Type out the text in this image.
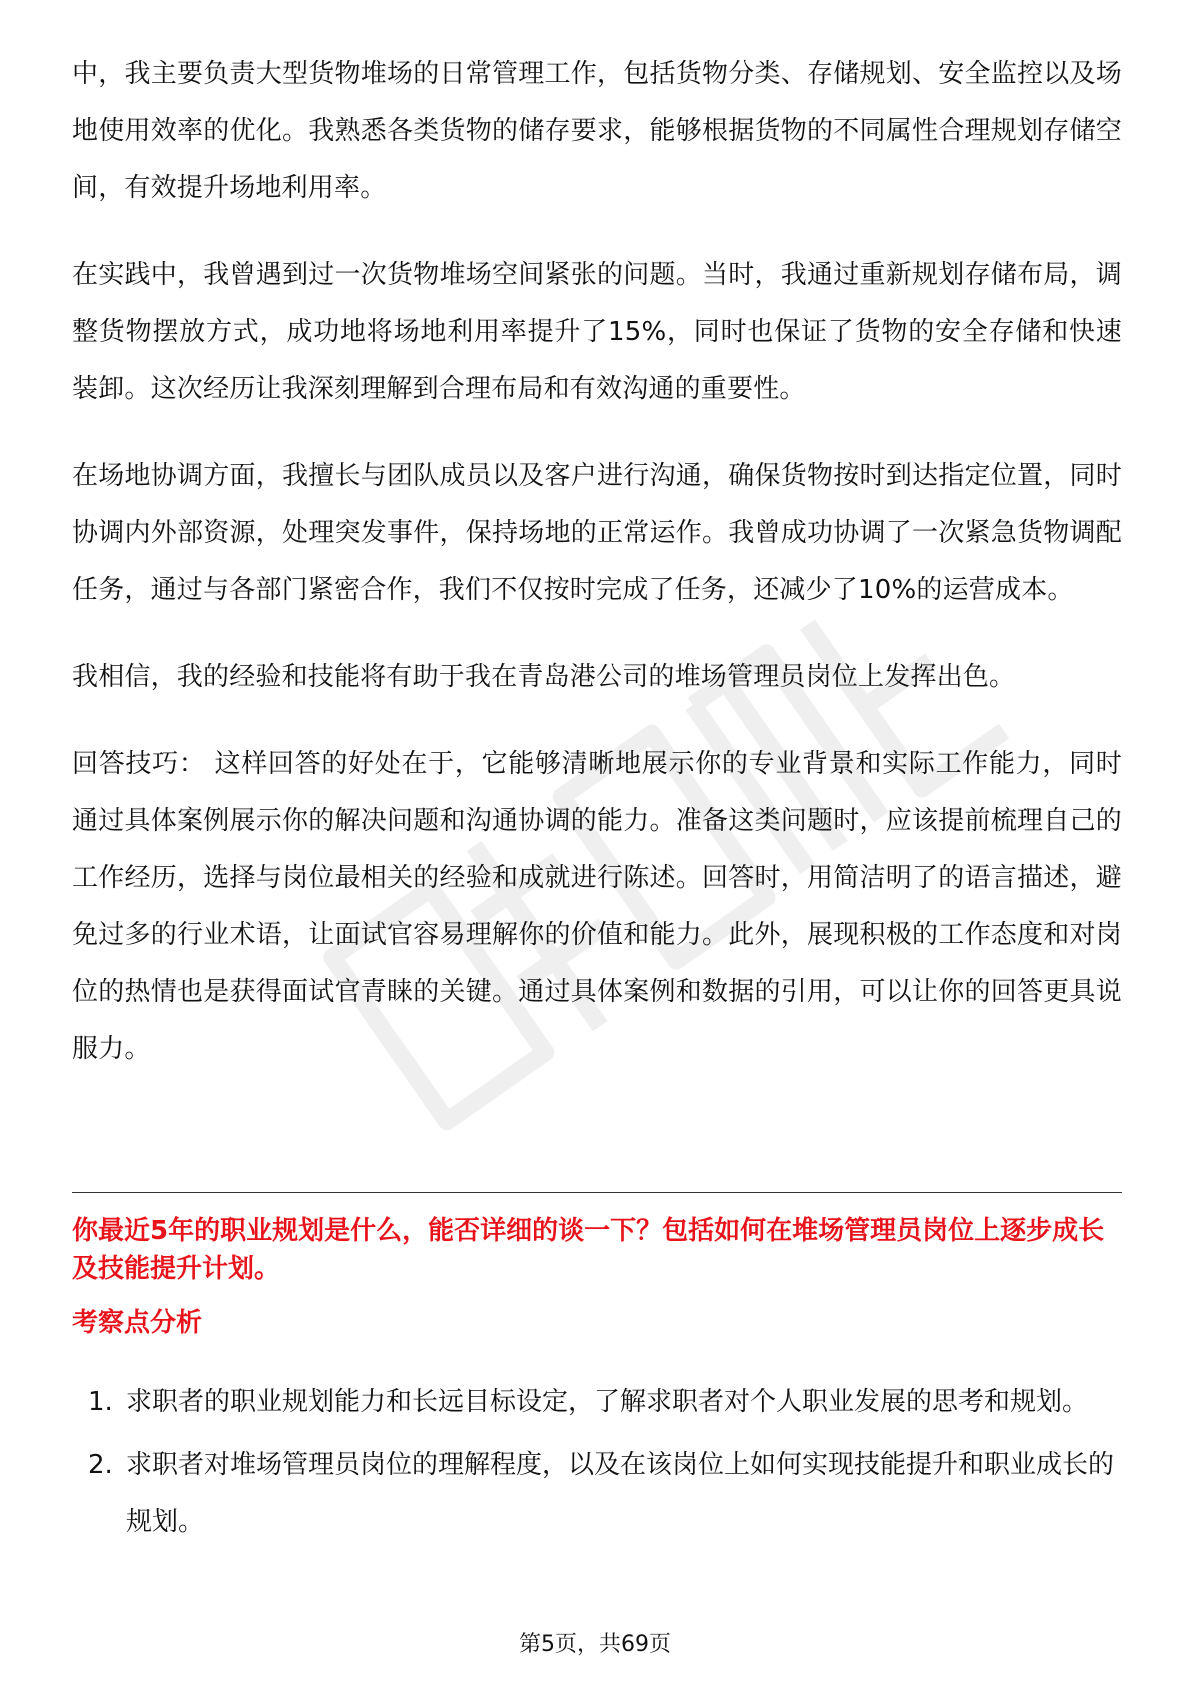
中，我主要负责大型货物堆场的日常管理工作，包括货物分类、存储规划、安全监控以及场地使用效率的优化。我熟悉各类货物的储存要求，能够根据货物的不同属性合理规划存储空间，有效提升场地利用率。

在实践中，我曾遇到过一次货物堆场空间紧张的问题。当时，我通过重新规划存储布局，调整货物摆放方式，成功地将场地利用率提升了15%，同时也保证了货物的安全存储和快速装卸。这次经历让我深刻理解到合理布局和有效沟通的重要性。

在场地协调方面，我擅长与团队成员以及客户进行沟通，确保货物按时到达指定位置，同时协调内外部资源，处理突发事件，保持场地的正常运作。我曾成功协调了一次紧急货物调配任务，通过与各部门紧密合作，我们不仅按时完成了任务，还减少了10%的运营成本。

我相信，我的经验和技能将有助于我在青岛港公司的堆场管理员岗位上发挥出色。

回答技巧： 这样回答的好处在于，它能够清晰地展示你的专业背景和实际工作能力，同时通过具体案例展示你的解决问题和沟通协调的能力。准备这类问题时，应该提前梳理自己的工作经历，选择与岗位最相关的经验和成就进行陈述。回答时，用简洁明了的语言描述，避免过多的行业术语，让面试官容易理解你的价值和能力。此外，展现积极的工作态度和对岗位的热情也是获得面试官青睐的关键。通过具体案例和数据的引用，可以让你的回答更具说服力。

你最近5年的职业规划是什么，能否详细的谈一下？包括如何在堆场管理员岗位上逐步成长及技能提升计划。

考察点分析

1. 求职者的职业规划能力和长远目标设定，了解求职者对个人职业发展的思考和规划。
2. 求职者对堆场管理员岗位的理解程度，以及在该岗位上如何实现技能提升和职业成长的规划。
第5页，共69页
